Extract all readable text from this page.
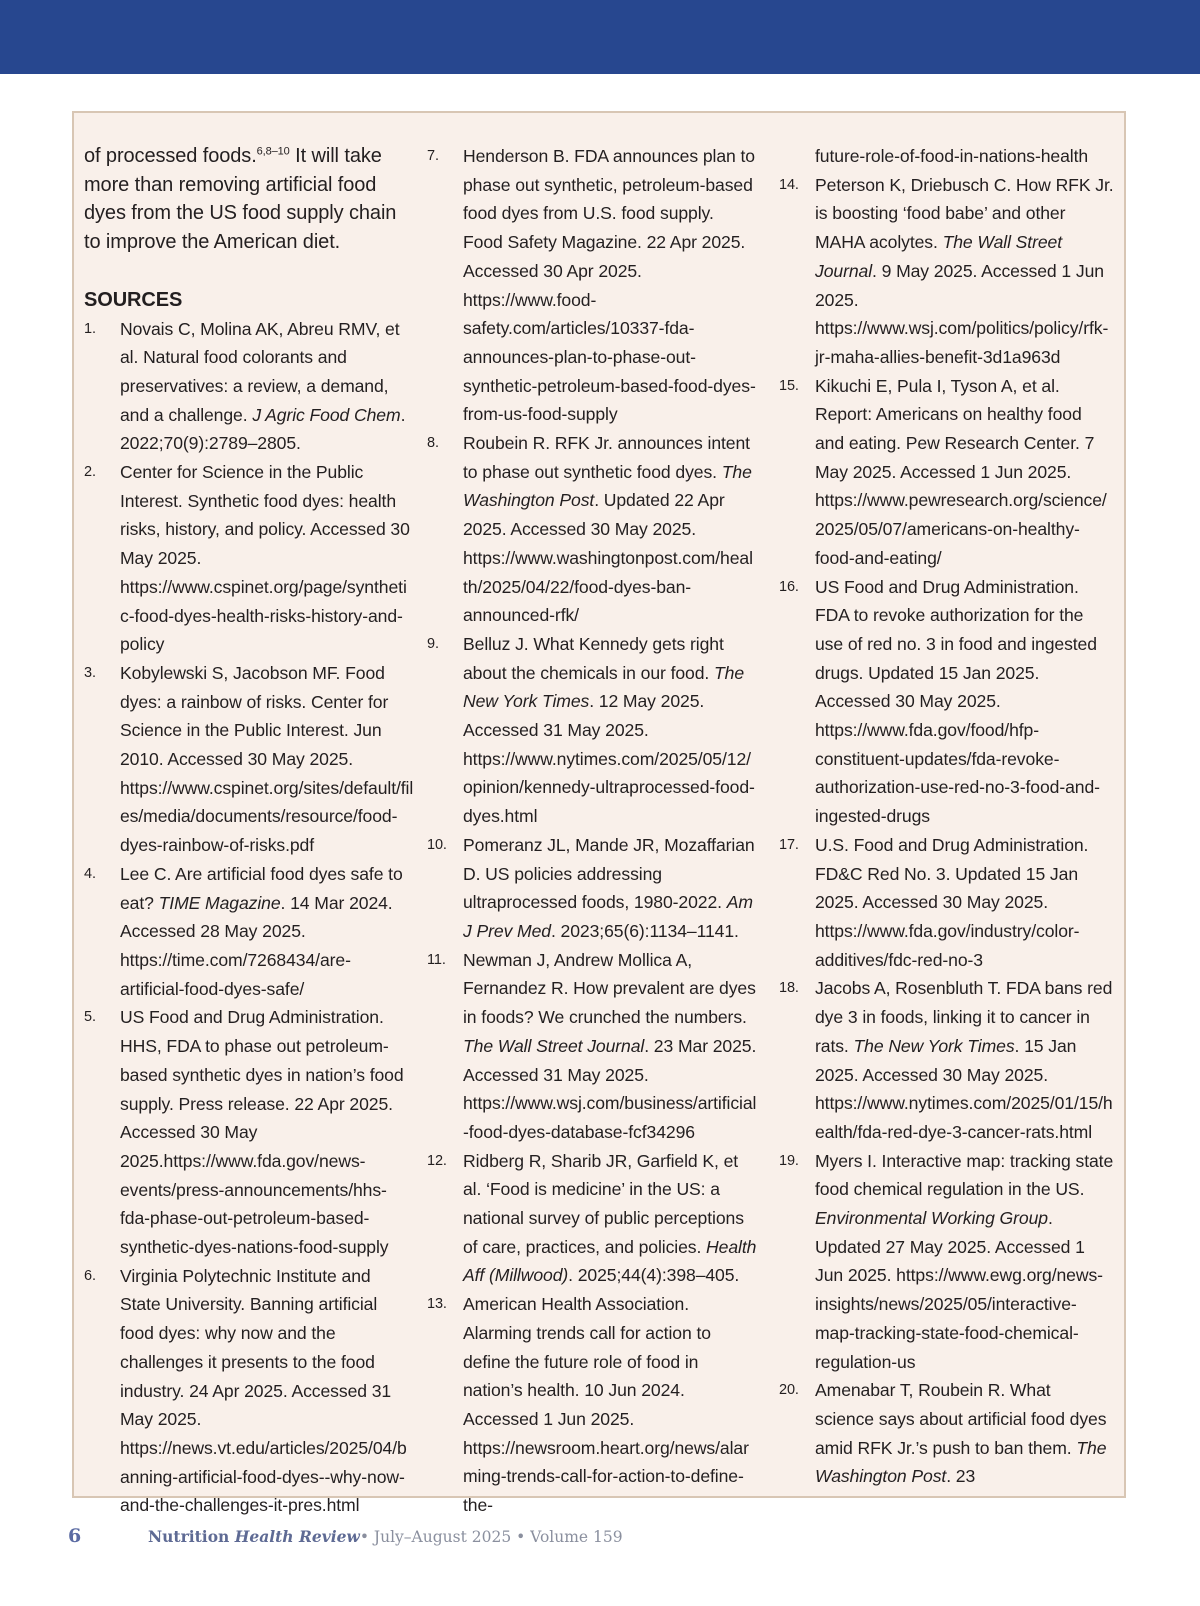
of processed foods.$^{6,8-10}$ It will take more than removing artificial food dyes from the US food supply chain to improve the American diet.

SOURCES
1.	Novais C, Molina AK, Abreu RMV, et al. Natural food colorants and preservatives: a review, a demand, and a challenge. J Agric Food Chem. 2022;70(9):2789–2805.
2.	Center for Science in the Public Interest. Synthetic food dyes: health risks, history, and policy. Accessed 30 May 2025. https://www.cspinet.org/page/synthetic-food-dyes-health-risks-history-and-policy
3.	Kobylewski S, Jacobson MF. Food dyes: a rainbow of risks. Center for Science in the Public Interest. Jun 2010. Accessed 30 May 2025. https://www.cspinet.org/sites/default/files/media/documents/resource/food-dyes-rainbow-of-risks.pdf
4.	Lee C. Are artificial food dyes safe to eat? TIME Magazine. 14 Mar 2024. Accessed 28 May 2025. https://time.com/7268434/are-artificial-food-dyes-safe/
5.	US Food and Drug Administration. HHS, FDA to phase out petroleum-based synthetic dyes in nation’s food supply. Press release. 22 Apr 2025. Accessed 30 May 2025.https://www.fda.gov/news-events/press-announcements/hhs-fda-phase-out-petroleum-based-synthetic-dyes-nations-food-supply
6.	Virginia Polytechnic Institute and State University. Banning artificial food dyes: why now and the challenges it presents to the food industry. 24 Apr 2025. Accessed 31 May 2025. https://news.vt.edu/articles/2025/04/banning-artificial-food-dyes--why-now-and-the-challenges-it-pres.html
7.	Henderson B. FDA announces plan to phase out synthetic, petroleum-based food dyes from U.S. food supply. Food Safety Magazine. 22 Apr 2025. Accessed 30 Apr 2025. https://www.food-safety.com/articles/10337-fda-announces-plan-to-phase-out-synthetic-petroleum-based-food-dyes-from-us-food-supply
8.	Roubein R. RFK Jr. announces intent to phase out synthetic food dyes. The Washington Post. Updated 22 Apr 2025. Accessed 30 May 2025. https://www.washingtonpost.com/health/2025/04/22/food-dyes-ban-announced-rfk/
9.	Belluz J. What Kennedy gets right about the chemicals in our food. The New York Times. 12 May 2025. Accessed 31 May 2025. https://www.nytimes.com/2025/05/12/opinion/kennedy-ultraprocessed-food-dyes.html
10. Pomeranz JL, Mande JR, Mozaffarian D. US policies addressing ultraprocessed foods, 1980-2022. Am J Prev Med. 2023;65(6):1134–1141.
11. Newman J, Andrew Mollica A, Fernandez R. How prevalent are dyes in foods? We crunched the numbers. The Wall Street Journal. 23 Mar 2025. Accessed 31 May 2025. https://www.wsj.com/business/artificial-food-dyes-database-fcf34296
12. Ridberg R, Sharib JR, Garfield K, et al. ‘Food is medicine’ in the US: a national survey of public perceptions of care, practices, and policies. Health Aff (Millwood). 2025;44(4):398–405.
13. American Health Association. Alarming trends call for action to define the future role of food in nation’s health. 10 Jun 2024. Accessed 1 Jun 2025. https://newsroom.heart.org/news/alarming-trends-call-for-action-to-define-the-
future-role-of-food-in-nations-health
14. Peterson K, Driebusch C. How RFK Jr. is boosting ‘food babe’ and other MAHA acolytes. The Wall Street Journal. 9 May 2025. Accessed 1 Jun 2025. https://www.wsj.com/politics/policy/rfk-jr-maha-allies-benefit-3d1a963d
15. Kikuchi E, Pula I, Tyson A, et al. Report: Americans on healthy food and eating. Pew Research Center. 7 May 2025. Accessed 1 Jun 2025. https://www.pewresearch.org/science/2025/05/07/americans-on-healthy-food-and-eating/
16. US Food and Drug Administration. FDA to revoke authorization for the use of red no. 3 in food and ingested drugs. Updated 15 Jan 2025. Accessed 30 May 2025. https://www.fda.gov/food/hfp-constituent-updates/fda-revoke-authorization-use-red-no-3-food-and-ingested-drugs
17. U.S. Food and Drug Administration. FD&C Red No. 3. Updated 15 Jan 2025. Accessed 30 May 2025. https://www.fda.gov/industry/color-additives/fdc-red-no-3
18. Jacobs A, Rosenbluth T. FDA bans red dye 3 in foods, linking it to cancer in rats. The New York Times. 15 Jan 2025. Accessed 30 May 2025. https://www.nytimes.com/2025/01/15/health/fda-red-dye-3-cancer-rats.html
19. Myers I. Interactive map: tracking state food chemical regulation in the US. Environmental Working Group. Updated 27 May 2025. Accessed 1 Jun 2025. https://www.ewg.org/news-insights/news/2025/05/interactive-map-tracking-state-food-chemical-regulation-us
20. Amenabar T, Roubein R. What science says about artificial food dyes amid RFK Jr.’s push to ban them. The Washington Post. 23
6	Nutrition Health Review • July–August 2025 • Volume 159
